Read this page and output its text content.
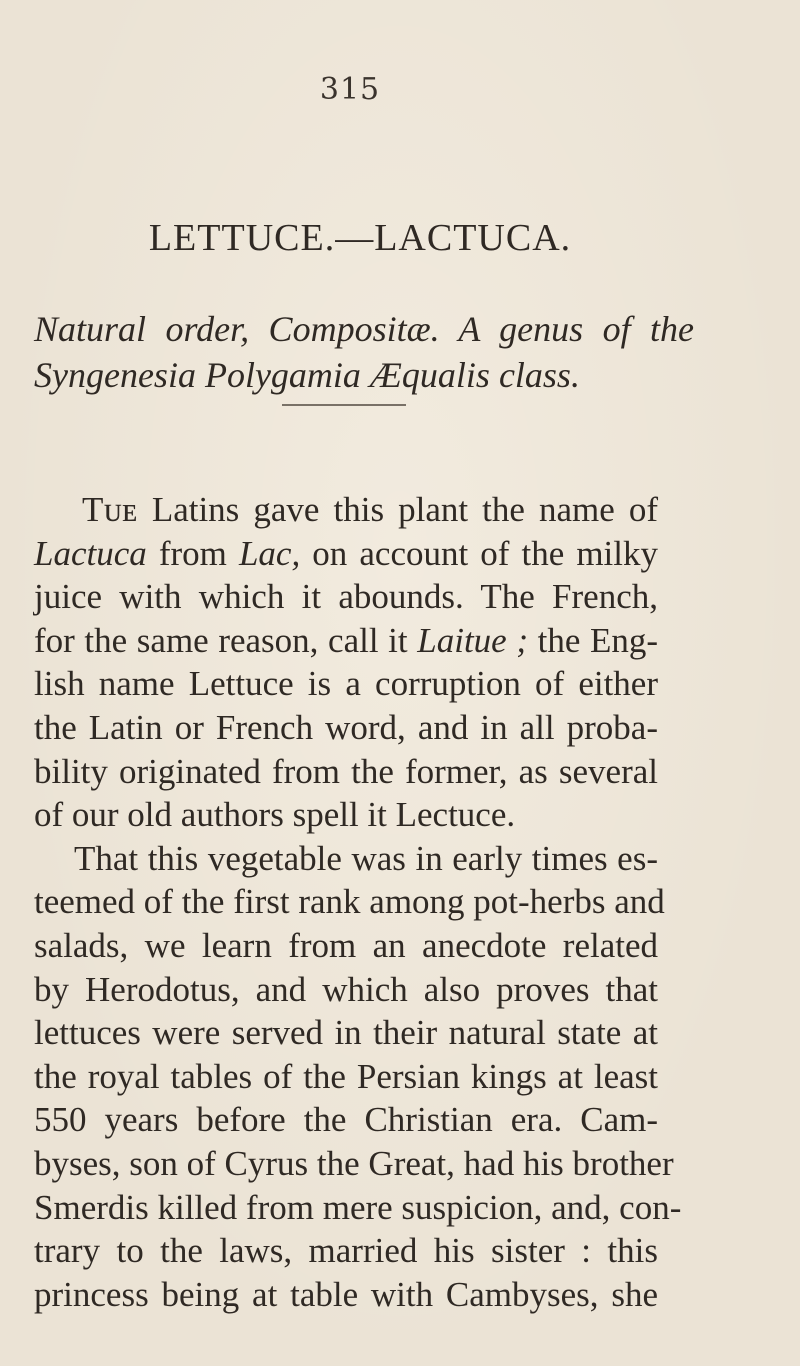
315
LETTUCE.—LACTUCA.
Natural order, Compositæ. A genus of the
Syngenesia Polygamia Æqualis class.
Tᴜᴇ Latins gave this plant the name of
Lactuca from Lac, on account of the milky
juice with which it abounds. The French,
for the same reason, call it Laitue ; the Eng-
lish name Lettuce is a corruption of either
the Latin or French word, and in all proba-
bility originated from the former, as several
of our old authors spell it Lectuce.
That this vegetable was in early times es-
teemed of the first rank among pot-herbs and
salads, we learn from an anecdote related
by Herodotus, and which also proves that
lettuces were served in their natural state at
the royal tables of the Persian kings at least
550 years before the Christian era. Cam-
byses, son of Cyrus the Great, had his brother
Smerdis killed from mere suspicion, and, con-
trary to the laws, married his sister : this
princess being at table with Cambyses, she
